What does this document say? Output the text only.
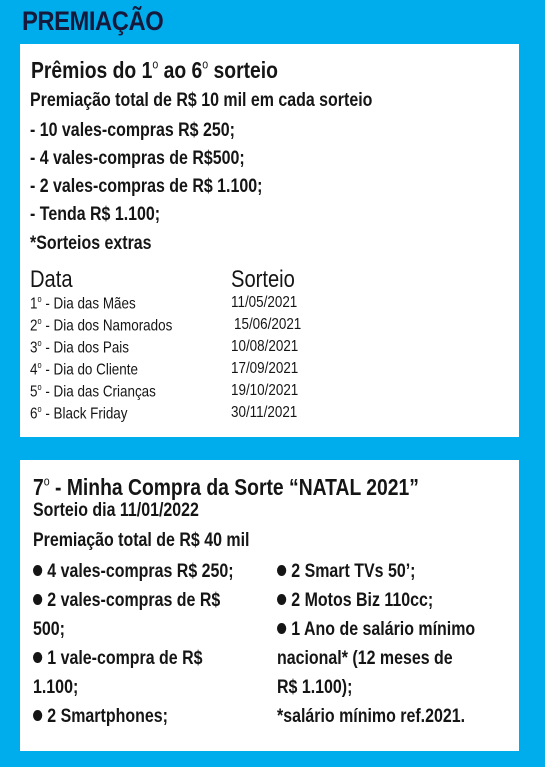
PREMIAÇÃO
Prêmios do 1$^o$ ao 6$^o$ sorteio
Premiação total de R$ 10 mil em cada sorteio
- 10 vales-compras R$ 250;
- 4 vales-compras de R$500;
- 2 vales-compras de R$ 1.100;
- Tenda R$ 1.100;
*Sorteios extras
Data	Sorteio
1$^o$ - Dia das Mães	11/05/2021
2$^o$ - Dia dos Namorados	15/06/2021
3$^o$ - Dia dos Pais	10/08/2021
4$^o$ - Dia do Cliente	17/09/2021
5$^o$ - Dia das Crianças	19/10/2021
6$^o$ - Black Friday	30/11/2021
7$^o$ - Minha Compra da Sorte “NATAL 2021”
Sorteio dia 11/01/2022
Premiação total de R$ 40 mil

4 vales-compras R$ 250;

2 vales-compras de R$

500;

1 vale-compra de R$

1.100;

2 Smartphones;

2 Smart TVs 50’;

2 Motos Biz 110cc;

1 Ano de salário mínimo

nacional* (12 meses de

R$ 1.100);

*salário mínimo ref.2021.
